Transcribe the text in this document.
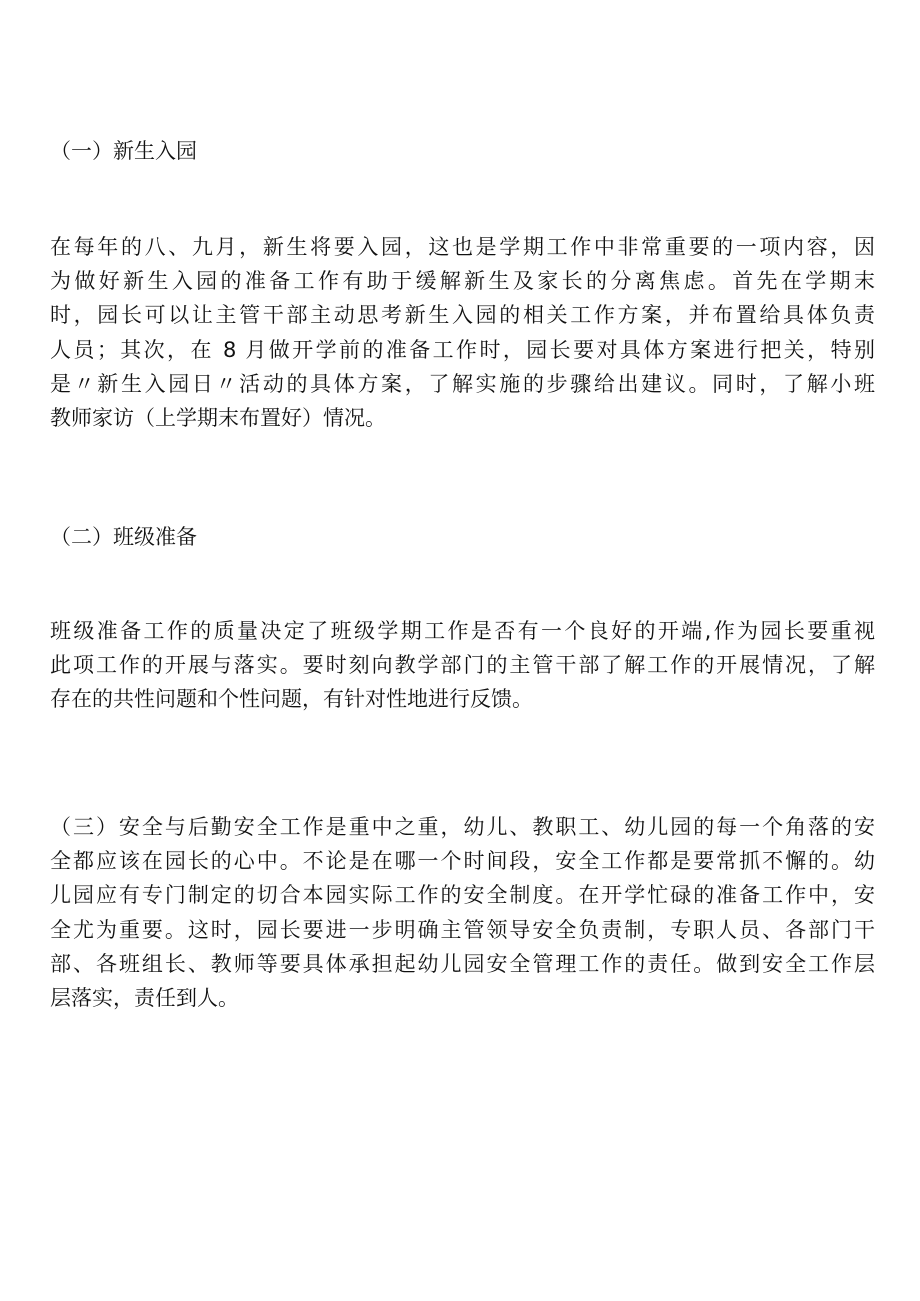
（一）新生入园
在每年的八、九月，新生将要入园，这也是学期工作中非常重要的一项内容，因
为做好新生入园的准备工作有助于缓解新生及家长的分离焦虑。首先在学期末
时，园长可以让主管干部主动思考新生入园的相关工作方案，并布置给具体负责
人员；其次，在 8 月做开学前的准备工作时，园长要对具体方案进行把关，特别
是〃新生入园日〃活动的具体方案，了解实施的步骤给出建议。同时，了解小班
教师家访（上学期末布置好）情况。
（二）班级准备
班级准备工作的质量决定了班级学期工作是否有一个良好的开端,作为园长要重视
此项工作的开展与落实。要时刻向教学部门的主管干部了解工作的开展情况，了解
存在的共性问题和个性问题，有针对性地进行反馈。
（三）安全与后勤安全工作是重中之重，幼儿、教职工、幼儿园的每一个角落的安
全都应该在园长的心中。不论是在哪一个时间段，安全工作都是要常抓不懈的。幼
儿园应有专门制定的切合本园实际工作的安全制度。在开学忙碌的准备工作中，安
全尤为重要。这时，园长要进一步明确主管领导安全负责制，专职人员、各部门干
部、各班组长、教师等要具体承担起幼儿园安全管理工作的责任。做到安全工作层
层落实，责任到人。
